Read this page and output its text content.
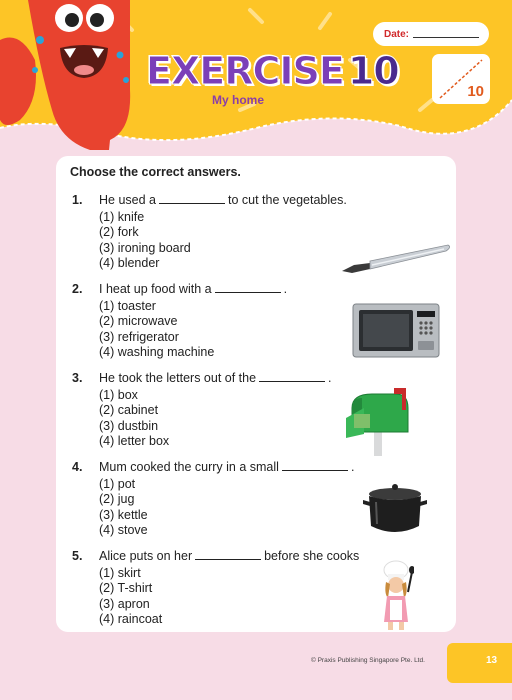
EXERCISE 10
My home
Date:
10
Choose the correct answers.
1. He used a	to cut the vegetables.
(1) knife
(2) fork
(3) ironing board
(4) blender
2. I heat up food with a	.
(1) toaster
(2) microwave
(3) refrigerator
(4) washing machine
3. He took the letters out of the	.
(1) box
(2) cabinet
(3) dustbin
(4) letter box
4. Mum cooked the curry in a small	.
(1) pot
(2) jug
(3) kettle
(4) stove
5. Alice puts on her	before she cooks
(1) skirt
(2) T-shirt
(3) apron
(4) raincoat
© Praxis Publishing Singapore Pte. Ltd.	13
